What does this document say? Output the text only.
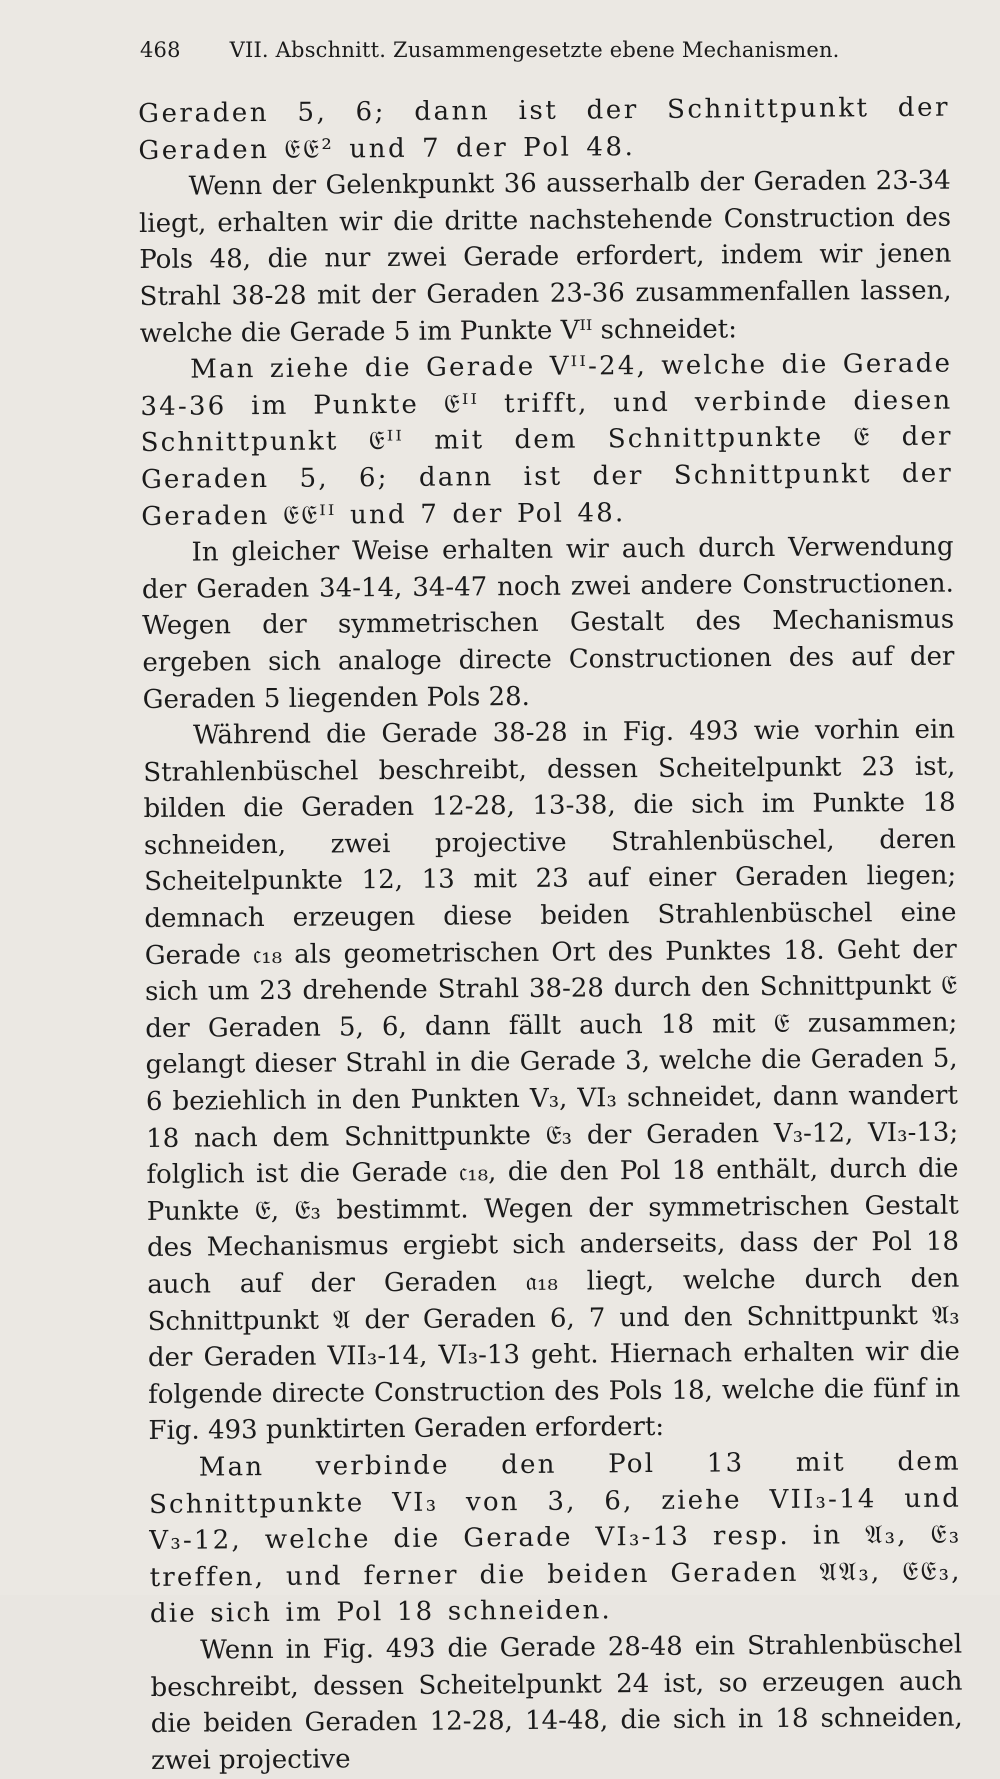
468 VII. Abschnitt. Zusammengesetzte ebene Mechanismen.

Geraden 5, 6; dann ist der Schnittpunkt der Geraden 𝔈𝔈² und 7 der Pol 48.

Wenn der Gelenkpunkt 36 ausserhalb der Geraden 23-34 liegt, erhalten wir die dritte nachstehende Construction des Pols 48, die nur zwei Gerade erfordert, indem wir jenen Strahl 38-28 mit der Geraden 23-36 zusammenfallen lassen, welche die Gerade 5 im Punkte Vᴵᴵ schneidet:

Man ziehe die Gerade Vᴵᴵ-24, welche die Gerade 34-36 im Punkte 𝔈ᴵᴵ trifft, und verbinde diesen Schnittpunkt 𝔈ᴵᴵ mit dem Schnittpunkte 𝔈 der Geraden 5, 6; dann ist der Schnittpunkt der Geraden 𝔈𝔈ᴵᴵ und 7 der Pol 48.

In gleicher Weise erhalten wir auch durch Verwendung der Geraden 34-14, 34-47 noch zwei andere Constructionen. Wegen der symmetrischen Gestalt des Mechanismus ergeben sich analoge directe Constructionen des auf der Geraden 5 liegenden Pols 28.

Während die Gerade 38-28 in Fig. 493 wie vorhin ein Strahlenbüschel beschreibt, dessen Scheitelpunkt 23 ist, bilden die Geraden 12-28, 13-38, die sich im Punkte 18 schneiden, zwei projective Strahlenbüschel, deren Scheitelpunkte 12, 13 mit 23 auf einer Geraden liegen; demnach erzeugen diese beiden Strahlenbüschel eine Gerade 𝔠₁₈ als geometrischen Ort des Punktes 18. Geht der sich um 23 drehende Strahl 38-28 durch den Schnittpunkt 𝔈 der Geraden 5, 6, dann fällt auch 18 mit 𝔈 zusammen; gelangt dieser Strahl in die Gerade 3, welche die Geraden 5, 6 beziehlich in den Punkten V₃, VI₃ schneidet, dann wandert 18 nach dem Schnittpunkte 𝔈₃ der Geraden V₃-12, VI₃-13; folglich ist die Gerade 𝔠₁₈, die den Pol 18 enthält, durch die Punkte 𝔈, 𝔈₃ bestimmt. Wegen der symmetrischen Gestalt des Mechanismus ergiebt sich anderseits, dass der Pol 18 auch auf der Geraden 𝔞₁₈ liegt, welche durch den Schnittpunkt 𝔄 der Geraden 6, 7 und den Schnittpunkt 𝔄₃ der Geraden VII₃-14, VI₃-13 geht. Hiernach erhalten wir die folgende directe Construction des Pols 18, welche die fünf in Fig. 493 punktirten Geraden erfordert:

Man verbinde den Pol 13 mit dem Schnittpunkte VI₃ von 3, 6, ziehe VII₃-14 und V₃-12, welche die Gerade VI₃-13 resp. in 𝔄₃, 𝔈₃ treffen, und ferner die beiden Geraden 𝔄𝔄₃, 𝔈𝔈₃, die sich im Pol 18 schneiden.

Wenn in Fig. 493 die Gerade 28-48 ein Strahlenbüschel beschreibt, dessen Scheitelpunkt 24 ist, so erzeugen auch die beiden Geraden 12-28, 14-48, die sich in 18 schneiden, zwei projective
